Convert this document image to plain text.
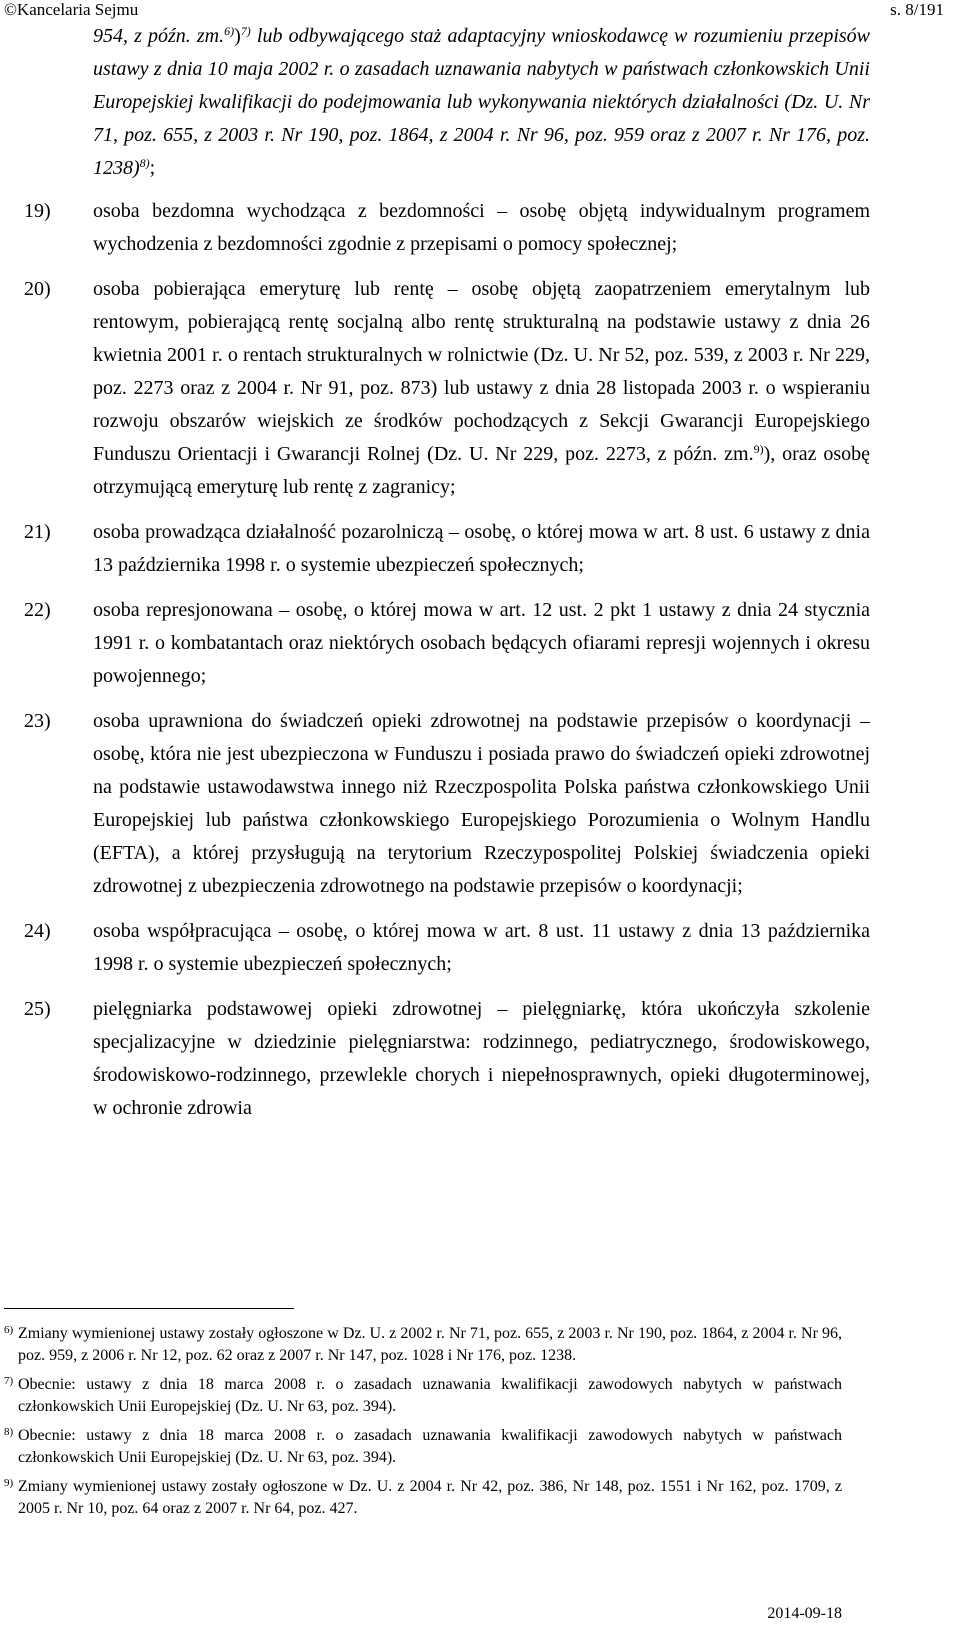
©Kancelaria Sejmu	s. 8/191

954, z późn. zm.$^{6)}$)$^{7)}$ lub odbywającego staż adaptacyjny wnioskodawcę w rozumieniu przepisów ustawy z dnia 10 maja 2002 r. o zasadach uznawania nabytych w państwach członkowskich Unii Europejskiej kwalifikacji do podejmowania lub wykonywania niektórych działalności (Dz. U. Nr 71, poz. 655, z 2003 r. Nr 190, poz. 1864, z 2004 r. Nr 96, poz. 959 oraz z 2007 r. Nr 176, poz. 1238)$^{8)}$;

19) osoba bezdomna wychodząca z bezdomności – osobę objętą indywidualnym programem wychodzenia z bezdomności zgodnie z przepisami o pomocy społecznej;

20) osoba pobierająca emeryturę lub rentę – osobę objętą zaopatrzeniem emerytalnym lub rentowym, pobierającą rentę socjalną albo rentę strukturalną na podstawie ustawy z dnia 26 kwietnia 2001 r. o rentach strukturalnych w rolnictwie (Dz. U. Nr 52, poz. 539, z 2003 r. Nr 229, poz. 2273 oraz z 2004 r. Nr 91, poz. 873) lub ustawy z dnia 28 listopada 2003 r. o wspieraniu rozwoju obszarów wiejskich ze środków pochodzących z Sekcji Gwarancji Europejskiego Funduszu Orientacji i Gwarancji Rolnej (Dz. U. Nr 229, poz. 2273, z późn. zm.$^{9)}$), oraz osobę otrzymującą emeryturę lub rentę z zagranicy;

21) osoba prowadząca działalność pozarolniczą – osobę, o której mowa w art. 8 ust. 6 ustawy z dnia 13 października 1998 r. o systemie ubezpieczeń społecznych;

22) osoba represjonowana – osobę, o której mowa w art. 12 ust. 2 pkt 1 ustawy z dnia 24 stycznia 1991 r. o kombatantach oraz niektórych osobach będących ofiarami represji wojennych i okresu powojennego;

23) osoba uprawniona do świadczeń opieki zdrowotnej na podstawie przepisów o koordynacji – osobę, która nie jest ubezpieczona w Funduszu i posiada prawo do świadczeń opieki zdrowotnej na podstawie ustawodawstwa innego niż Rzeczpospolita Polska państwa członkowskiego Unii Europejskiej lub państwa członkowskiego Europejskiego Porozumienia o Wolnym Handlu (EFTA), a której przysługują na terytorium Rzeczypospolitej Polskiej świadczenia opieki zdrowotnej z ubezpieczenia zdrowotnego na podstawie przepisów o koordynacji;

24) osoba współpracująca – osobę, o której mowa w art. 8 ust. 11 ustawy z dnia 13 października 1998 r. o systemie ubezpieczeń społecznych;

25) pielęgniarka podstawowej opieki zdrowotnej – pielęgniarkę, która ukończyła szkolenie specjalizacyjne w dziedzinie pielęgniarstwa: rodzinnego, pediatrycznego, środowiskowego, środowiskowo-rodzinnego, przewlekle chorych i niepełnosprawnych, opieki długoterminowej, w ochronie zdrowia

6) Zmiany wymienionej ustawy zostały ogłoszone w Dz. U. z 2002 r. Nr 71, poz. 655, z 2003 r. Nr 190, poz. 1864, z 2004 r. Nr 96, poz. 959, z 2006 r. Nr 12, poz. 62 oraz z 2007 r. Nr 147, poz. 1028 i Nr 176, poz. 1238.

7) Obecnie: ustawy z dnia 18 marca 2008 r. o zasadach uznawania kwalifikacji zawodowych nabytych w państwach członkowskich Unii Europejskiej (Dz. U. Nr 63, poz. 394).

8) Obecnie: ustawy z dnia 18 marca 2008 r. o zasadach uznawania kwalifikacji zawodowych nabytych w państwach członkowskich Unii Europejskiej (Dz. U. Nr 63, poz. 394).

9) Zmiany wymienionej ustawy zostały ogłoszone w Dz. U. z 2004 r. Nr 42, poz. 386, Nr 148, poz. 1551 i Nr 162, poz. 1709, z 2005 r. Nr 10, poz. 64 oraz z 2007 r. Nr 64, poz. 427.

2014-09-18
